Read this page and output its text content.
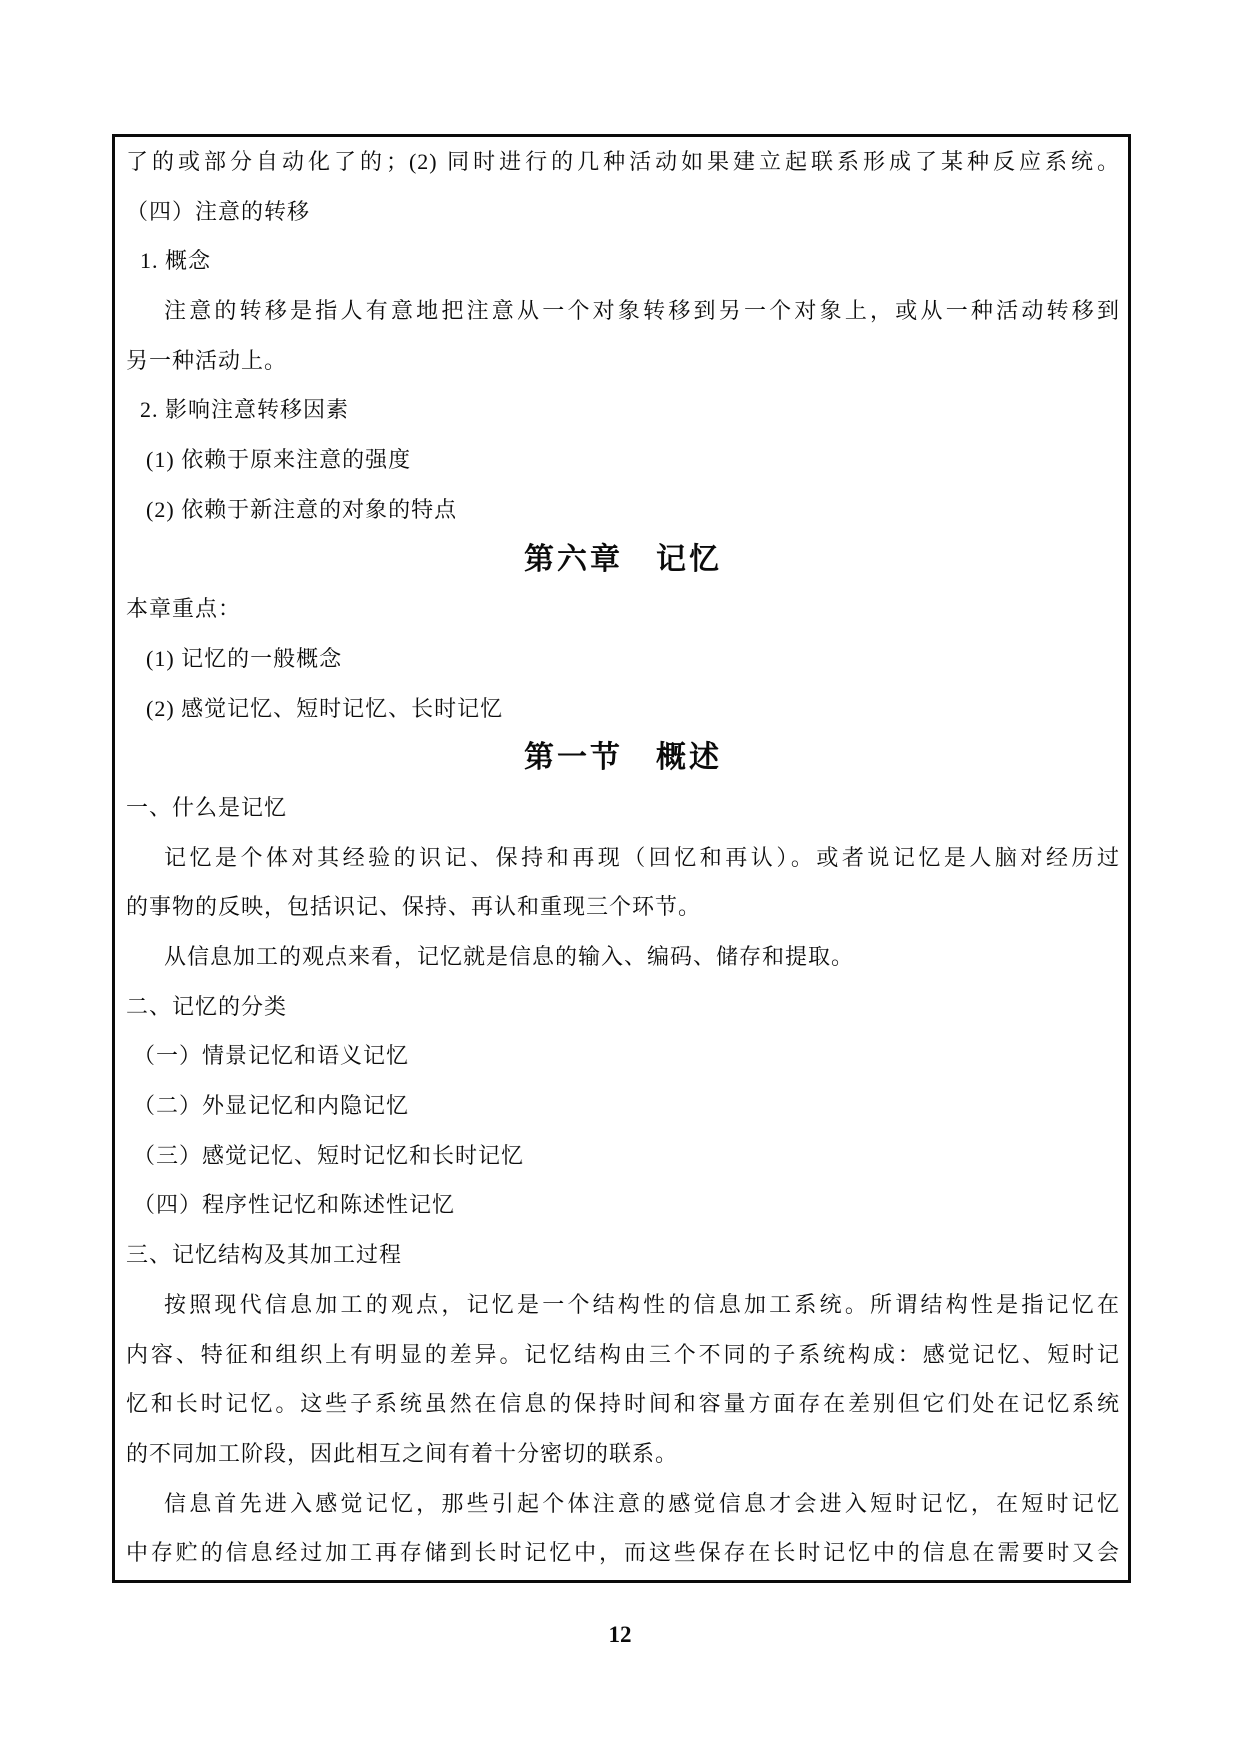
了的或部分自动化了的；(2) 同时进行的几种活动如果建立起联系形成了某种反应系统。
（四）注意的转移
1. 概念
注意的转移是指人有意地把注意从一个对象转移到另一个对象上，或从一种活动转移到
另一种活动上。
2. 影响注意转移因素
(1) 依赖于原来注意的强度
(2) 依赖于新注意的对象的特点
第六章　记忆
本章重点：
(1) 记忆的一般概念
(2) 感觉记忆、短时记忆、长时记忆
第一节　概述
一、什么是记忆
记忆是个体对其经验的识记、保持和再现（回忆和再认）。或者说记忆是人脑对经历过
的事物的反映，包括识记、保持、再认和重现三个环节。
从信息加工的观点来看，记忆就是信息的输入、编码、储存和提取。
二、记忆的分类
（一）情景记忆和语义记忆
（二）外显记忆和内隐记忆
（三）感觉记忆、短时记忆和长时记忆
（四）程序性记忆和陈述性记忆
三、记忆结构及其加工过程
按照现代信息加工的观点，记忆是一个结构性的信息加工系统。所谓结构性是指记忆在
内容、特征和组织上有明显的差异。记忆结构由三个不同的子系统构成：感觉记忆、短时记
忆和长时记忆。这些子系统虽然在信息的保持时间和容量方面存在差别但它们处在记忆系统
的不同加工阶段，因此相互之间有着十分密切的联系。
信息首先进入感觉记忆，那些引起个体注意的感觉信息才会进入短时记忆，在短时记忆
中存贮的信息经过加工再存储到长时记忆中，而这些保存在长时记忆中的信息在需要时又会
12
